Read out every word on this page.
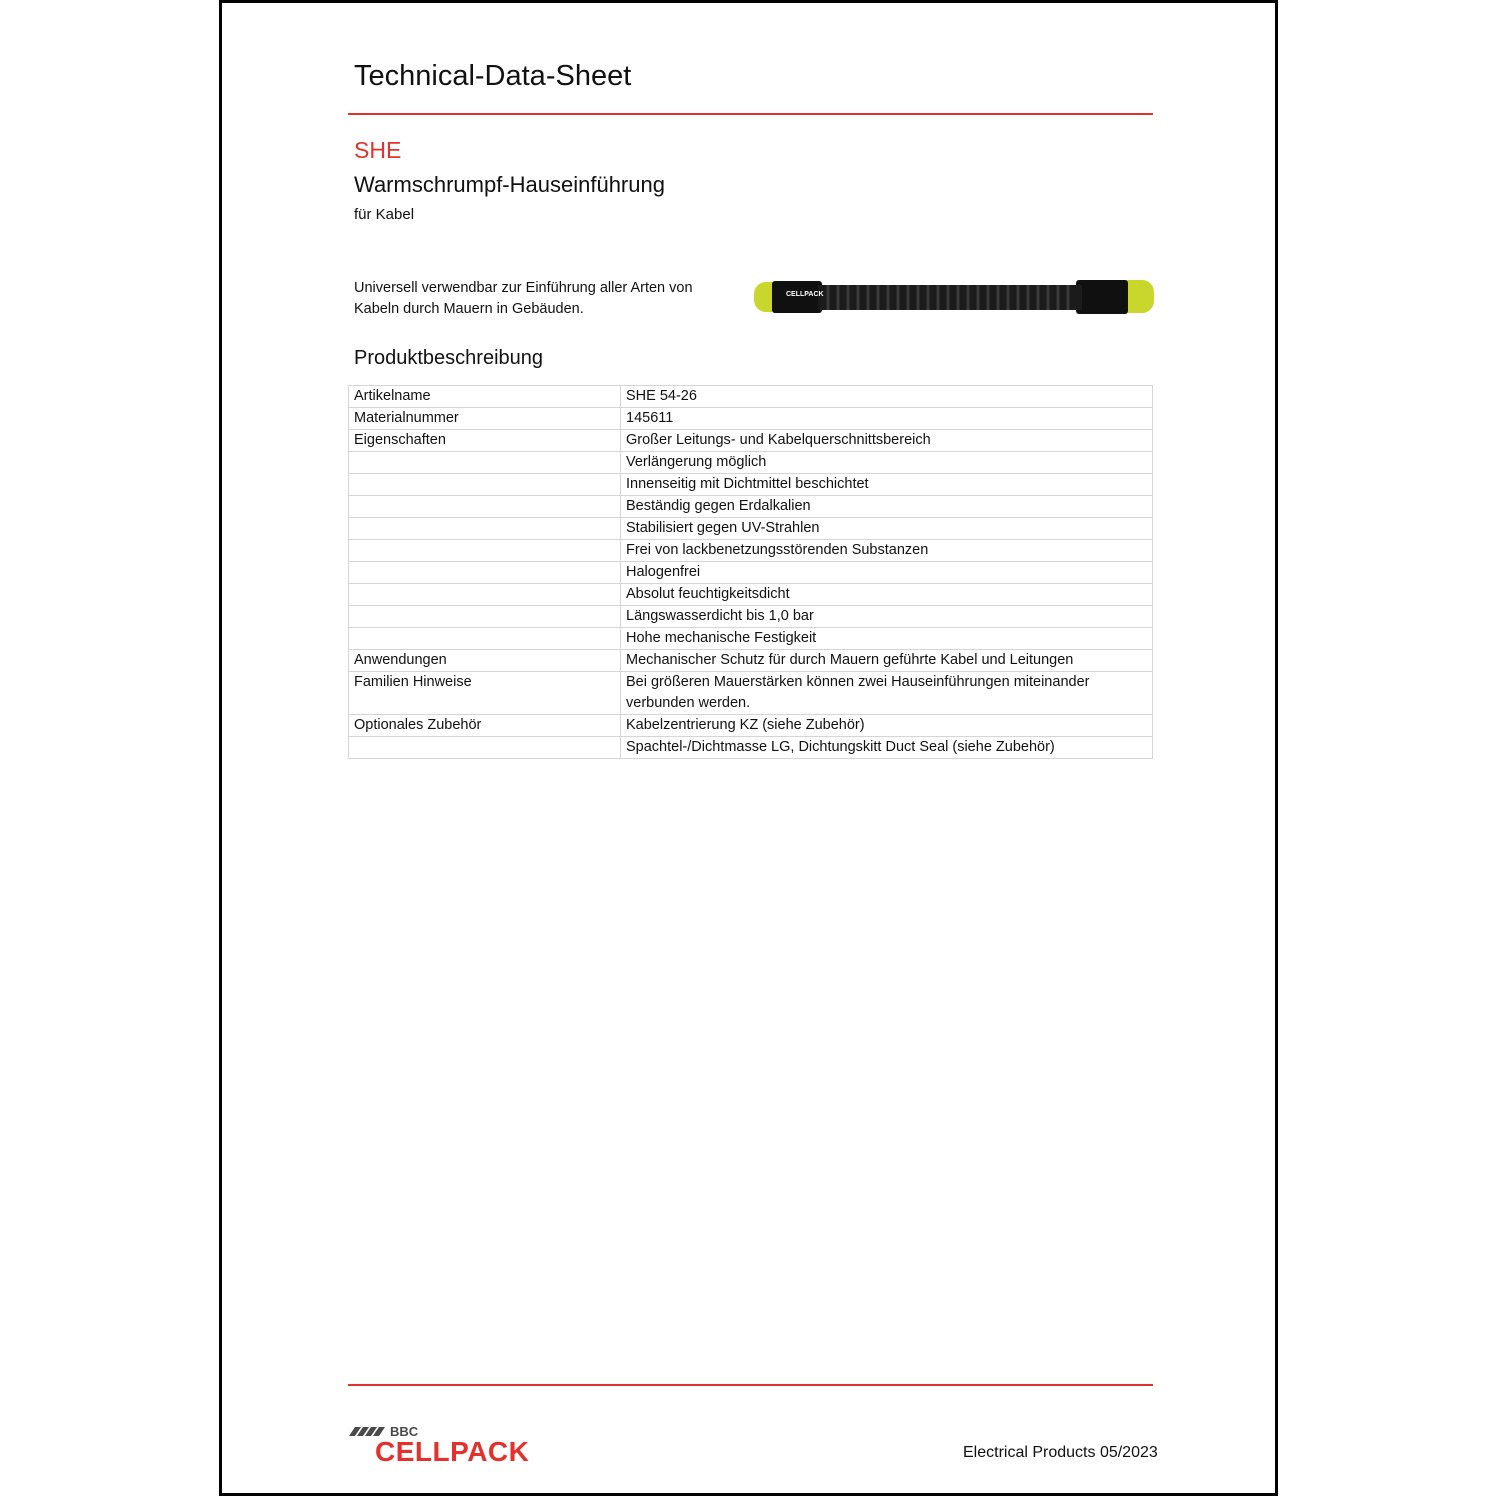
Technical-Data-Sheet
SHE
Warmschrumpf-Hauseinführung
für Kabel
Universell verwendbar zur Einführung aller Arten von Kabeln durch Mauern in Gebäuden.
CELLPACK
Produktbeschreibung
Artikelname	SHE 54-26
Materialnummer	145611
Eigenschaften	Großer Leitungs- und Kabelquerschnittsbereich
	Verlängerung möglich
	Innenseitig mit Dichtmittel beschichtet
	Beständig gegen Erdalkalien
	Stabilisiert gegen UV-Strahlen
	Frei von lackbenetzungsstörenden Substanzen
	Halogenfrei
	Absolut feuchtigkeitsdicht
	Längswasserdicht bis 1,0 bar
	Hohe mechanische Festigkeit
Anwendungen	Mechanischer Schutz für durch Mauern geführte Kabel und Leitungen
Familien Hinweise	Bei größeren Mauerstärken können zwei Hauseinführungen miteinander verbunden werden.
Optionales Zubehör	Kabelzentrierung KZ (siehe Zubehör)
	Spachtel-/Dichtmasse LG, Dichtungskitt Duct Seal (siehe Zubehör)
BBC
CELLPACK	Electrical Products 05/2023
